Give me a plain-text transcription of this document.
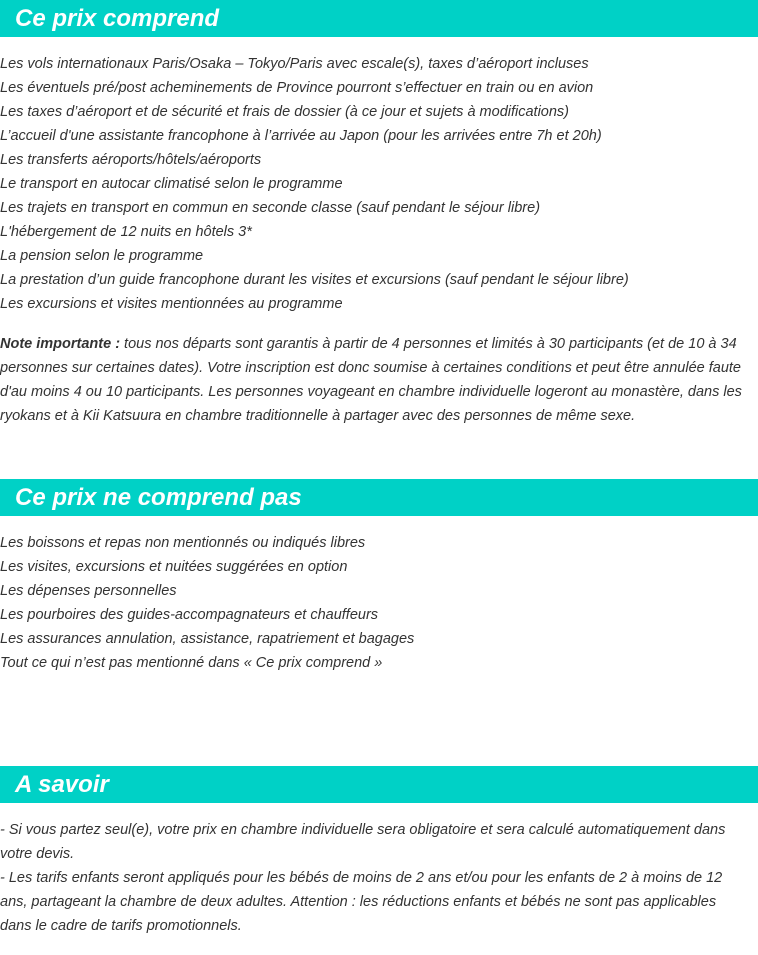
Ce prix comprend
Les vols internationaux Paris/Osaka – Tokyo/Paris avec escale(s), taxes d’aéroport incluses
Les éventuels pré/post acheminements de Province pourront s’effectuer en train ou en avion
Les taxes d’aéroport et de sécurité et frais de dossier (à ce jour et sujets à modifications)
L’accueil d'une assistante francophone à l’arrivée au Japon (pour les arrivées entre 7h et 20h)
Les transferts aéroports/hôtels/aéroports
Le transport en autocar climatisé selon le programme
Les trajets en transport en commun en seconde classe (sauf pendant le séjour libre)
L'hébergement de 12 nuits en hôtels 3*
La pension selon le programme
La prestation d’un guide francophone durant les visites et excursions (sauf pendant le séjour libre)
Les excursions et visites mentionnées au programme

Note importante : tous nos départs sont garantis à partir de 4 personnes et limités à 30 participants (et de 10 à 34 personnes sur certaines dates). Votre inscription est donc soumise à certaines conditions et peut être annulée faute d'au moins 4 ou 10 participants. Les personnes voyageant en chambre individuelle logeront au monastère, dans les ryokans et à Kii Katsuura en chambre traditionnelle à partager avec des personnes de même sexe.

Ce prix ne comprend pas
Les boissons et repas non mentionnés ou indiqués libres
Les visites, excursions et nuitées suggérées en option
Les dépenses personnelles
Les pourboires des guides-accompagnateurs et chauffeurs
Les assurances annulation, assistance, rapatriement et bagages
Tout ce qui n’est pas mentionné dans « Ce prix comprend »
A savoir

- Si vous partez seul(e), votre prix en chambre individuelle sera obligatoire et sera calculé automatiquement dans votre devis.

- Les tarifs enfants seront appliqués pour les bébés de moins de 2 ans et/ou pour les enfants de 2 à moins de 12 ans, partageant la chambre de deux adultes. Attention : les réductions enfants et bébés ne sont pas applicables dans le cadre de tarifs promotionnels.
